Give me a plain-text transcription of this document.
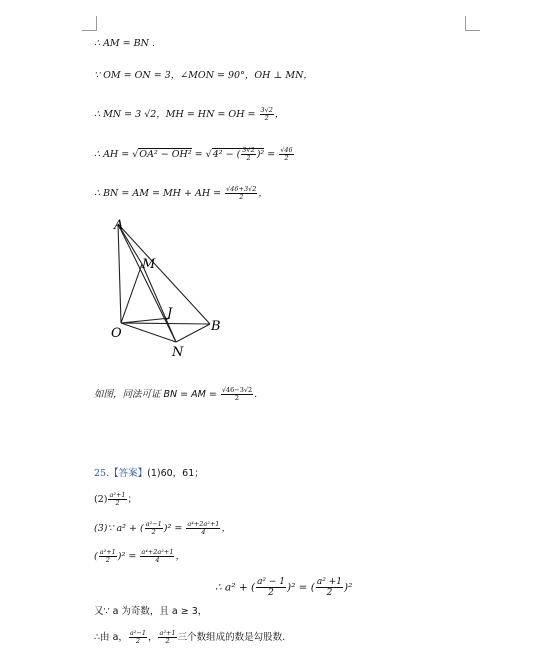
∴ AM = BN .
∵ OM = ON = 3，∠MON = 90°，OH ⊥ MN，
∴ MN = 3 √2，MH = HN = OH = $\frac{3√2}{2}$ ，
∴ AH = √OA² − OH² = √4² − ( $\frac{3√2}{2} )^2 = \frac{√46}{2}$
∴ BN = AM = MH + AH = $\frac{√46+3√2}{2}$ ，
A
M
J
B
O
N
如图，同法可证 BN = AM = $\frac{√46-3√2}{2}$ .
25.【答案】(1)60，61；
$(2) \frac{\text{a²+1}}{2}$ ；
(3)∵ a² + ( $\frac{\text{a²−1}}{2} )^2 = \frac{\text{a⁴+2a²+1}}{4}$ ，
( $\frac{\text{a²+1}}{2} )^2 = \frac{\text{a⁴+2a²+1}}{4}$ ，
∴ a² + ( $\frac{\text{a² − 1}}{2} )^2$ = ( $\frac{\text{a² +1}}{2} )^2$
又∵ a 为奇数，且 a ≥ 3，
∴由 a， $\frac{\text{a²−1}}{2}$ ， $\frac{\text{a²+1}}{2}$ 三个数组成的数是勾股数.
